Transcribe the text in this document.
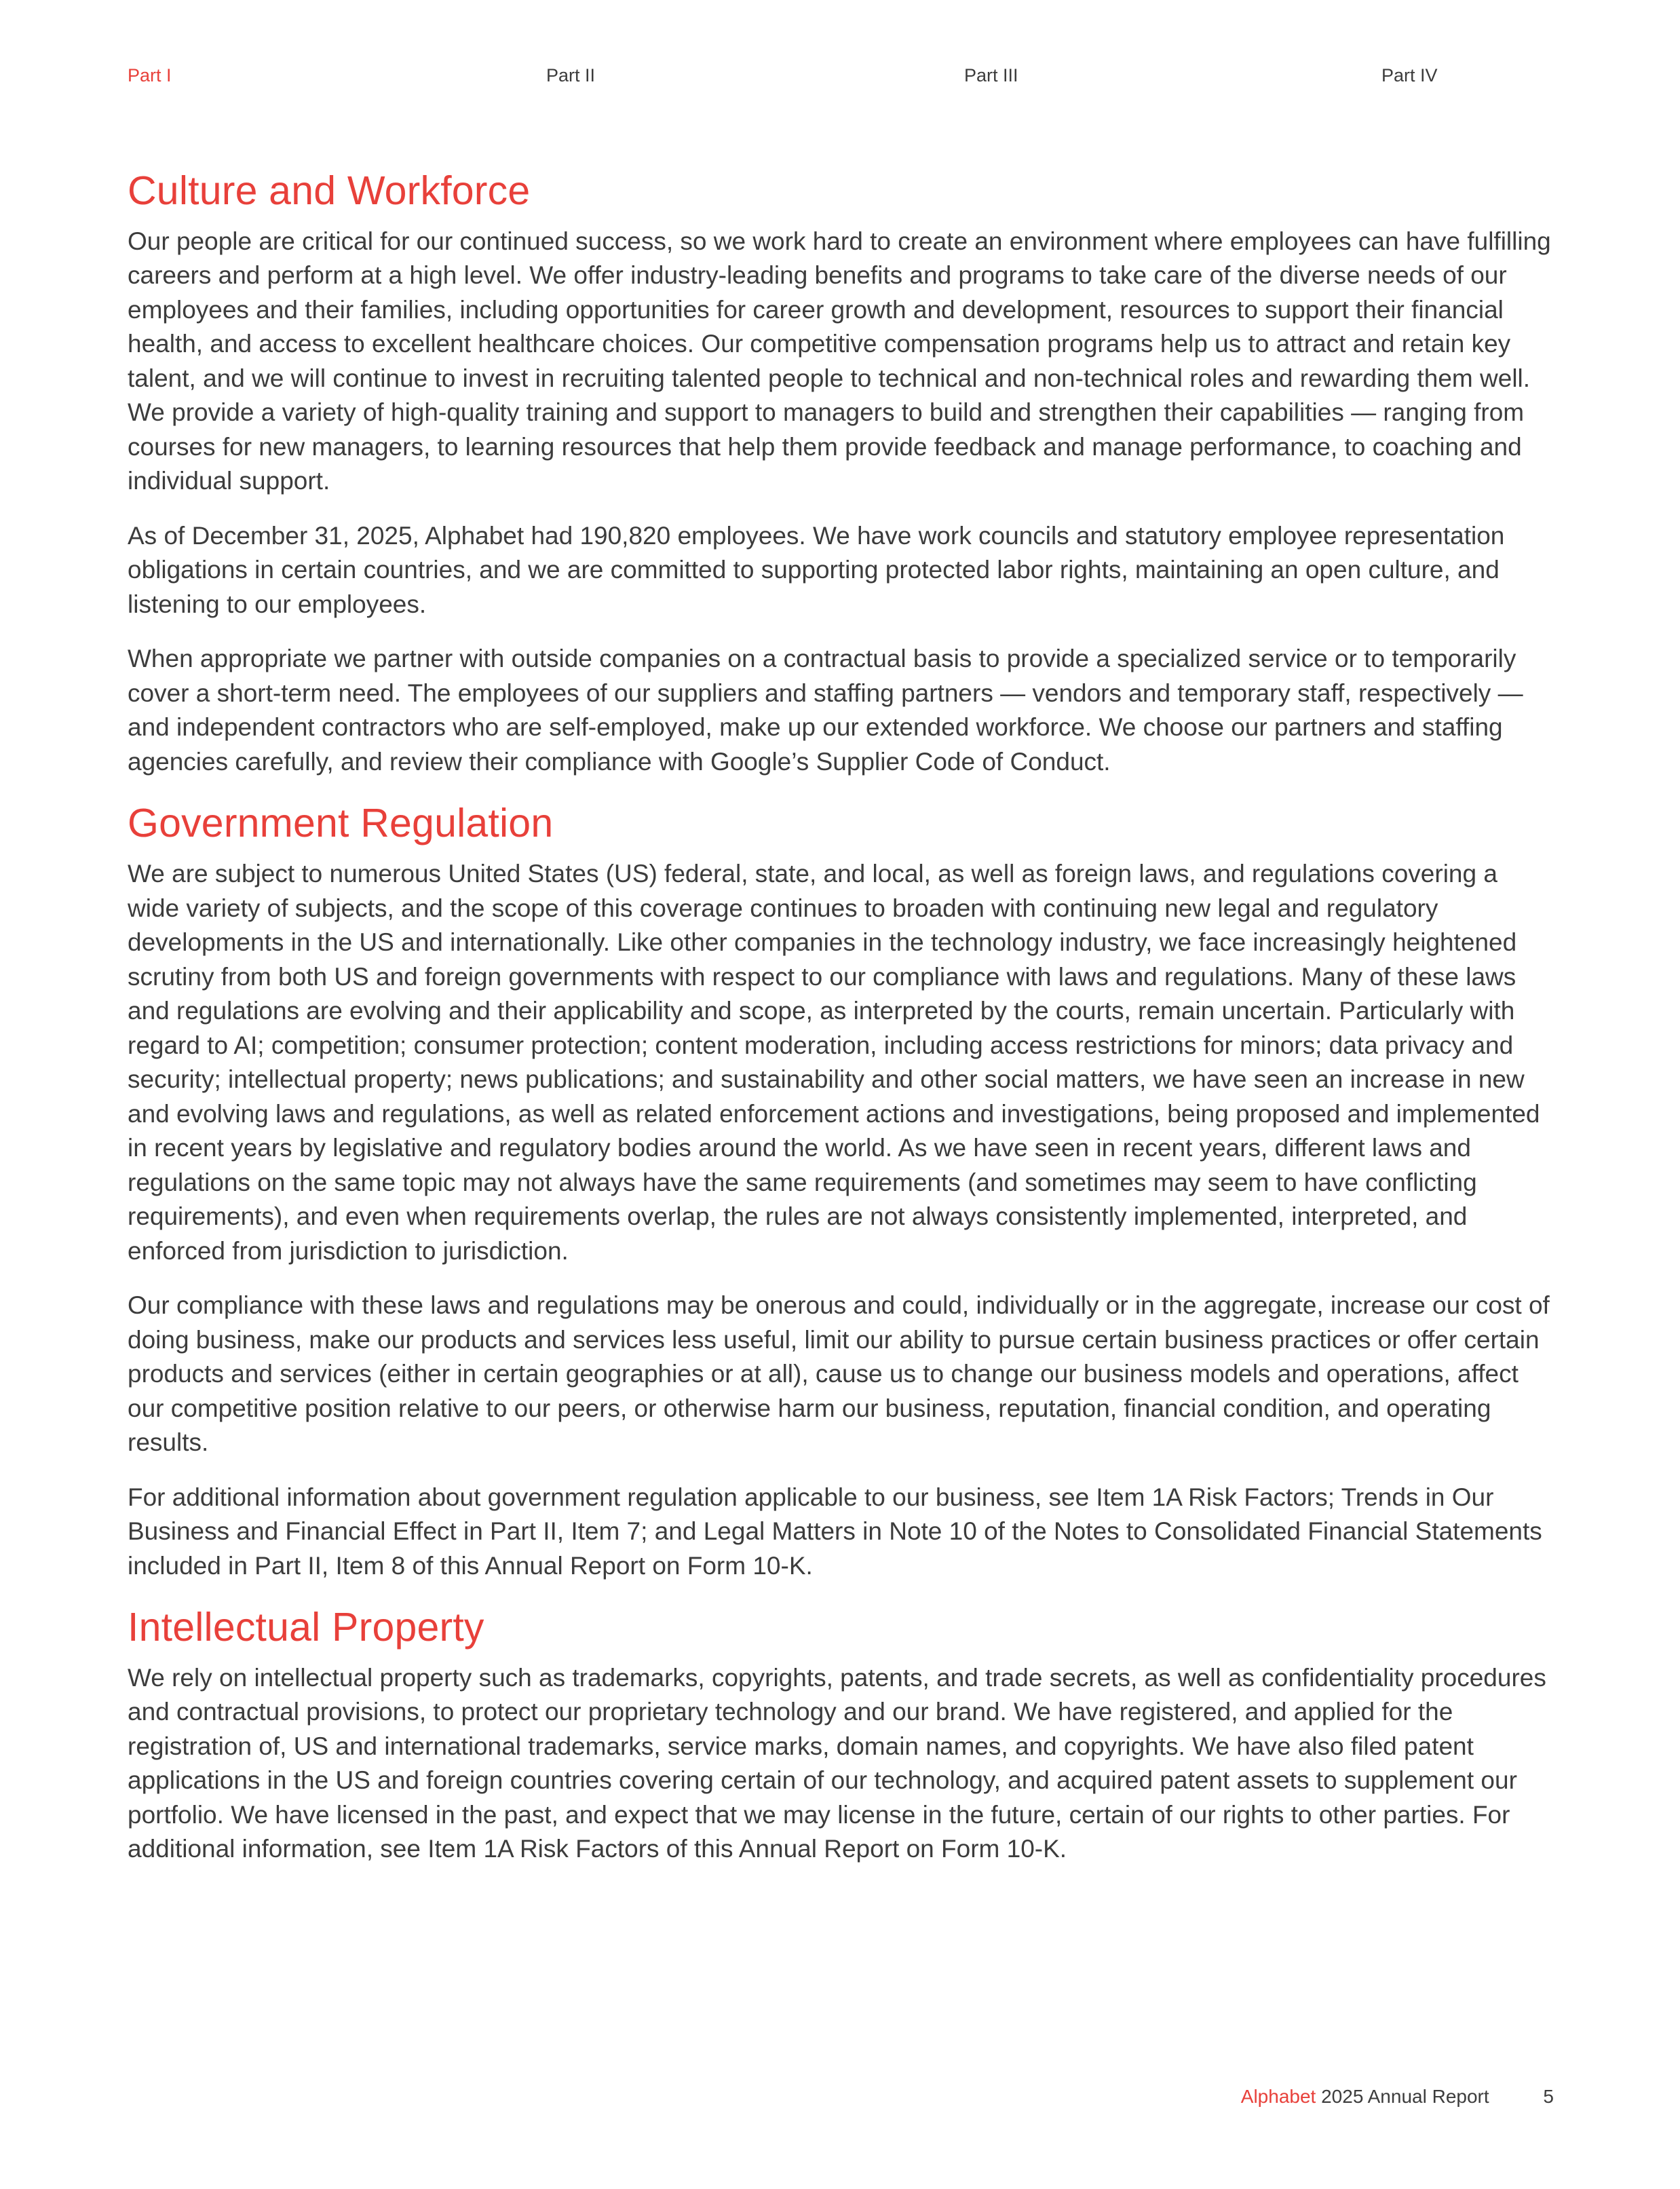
Part I	Part II	Part III	Part IV
Culture and Workforce

Our people are critical for our continued success, so we work hard to create an environment where employees can have fulfilling careers and perform at a high level. We offer industry-leading benefits and programs to take care of the diverse needs of our employees and their families, including opportunities for career growth and development, resources to support their financial health, and access to excellent healthcare choices. Our competitive compensation programs help us to attract and retain key talent, and we will continue to invest in recruiting talented people to technical and non-technical roles and rewarding them well. We provide a variety of high-quality training and support to managers to build and strengthen their capabilities — ranging from courses for new managers, to learning resources that help them provide feedback and manage performance, to coaching and individual support.

As of December 31, 2025, Alphabet had 190,820 employees. We have work councils and statutory employee representation obligations in certain countries, and we are committed to supporting protected labor rights, maintaining an open culture, and listening to our employees.

When appropriate we partner with outside companies on a contractual basis to provide a specialized service or to temporarily cover a short-term need. The employees of our suppliers and staffing partners — vendors and temporary staff, respectively — and independent contractors who are self-employed, make up our extended workforce. We choose our partners and staffing agencies carefully, and review their compliance with Google’s Supplier Code of Conduct.

Government Regulation

We are subject to numerous United States (US) federal, state, and local, as well as foreign laws, and regulations covering a wide variety of subjects, and the scope of this coverage continues to broaden with continuing new legal and regulatory developments in the US and internationally. Like other companies in the technology industry, we face increasingly heightened scrutiny from both US and foreign governments with respect to our compliance with laws and regulations. Many of these laws and regulations are evolving and their applicability and scope, as interpreted by the courts, remain uncertain. Particularly with regard to AI; competition; consumer protection; content moderation, including access restrictions for minors; data privacy and security; intellectual property; news publications; and sustainability and other social matters, we have seen an increase in new and evolving laws and regulations, as well as related enforcement actions and investigations, being proposed and implemented in recent years by legislative and regulatory bodies around the world. As we have seen in recent years, different laws and regulations on the same topic may not always have the same requirements (and sometimes may seem to have conflicting requirements), and even when requirements overlap, the rules are not always consistently implemented, interpreted, and enforced from jurisdiction to jurisdiction.

Our compliance with these laws and regulations may be onerous and could, individually or in the aggregate, increase our cost of doing business, make our products and services less useful, limit our ability to pursue certain business practices or offer certain products and services (either in certain geographies or at all), cause us to change our business models and operations, affect our competitive position relative to our peers, or otherwise harm our business, reputation, financial condition, and operating results.

For additional information about government regulation applicable to our business, see Item 1A Risk Factors; Trends in Our Business and Financial Effect in Part II, Item 7; and Legal Matters in Note 10 of the Notes to Consolidated Financial Statements included in Part II, Item 8 of this Annual Report on Form 10-K.

Intellectual Property

We rely on intellectual property such as trademarks, copyrights, patents, and trade secrets, as well as confidentiality procedures and contractual provisions, to protect our proprietary technology and our brand. We have registered, and applied for the registration of, US and international trademarks, service marks, domain names, and copyrights. We have also filed patent applications in the US and foreign countries covering certain of our technology, and acquired patent assets to supplement our portfolio. We have licensed in the past, and expect that we may license in the future, certain of our rights to other parties. For additional information, see Item 1A Risk Factors of this Annual Report on Form 10-K.

Alphabet 2025 Annual Report	5
